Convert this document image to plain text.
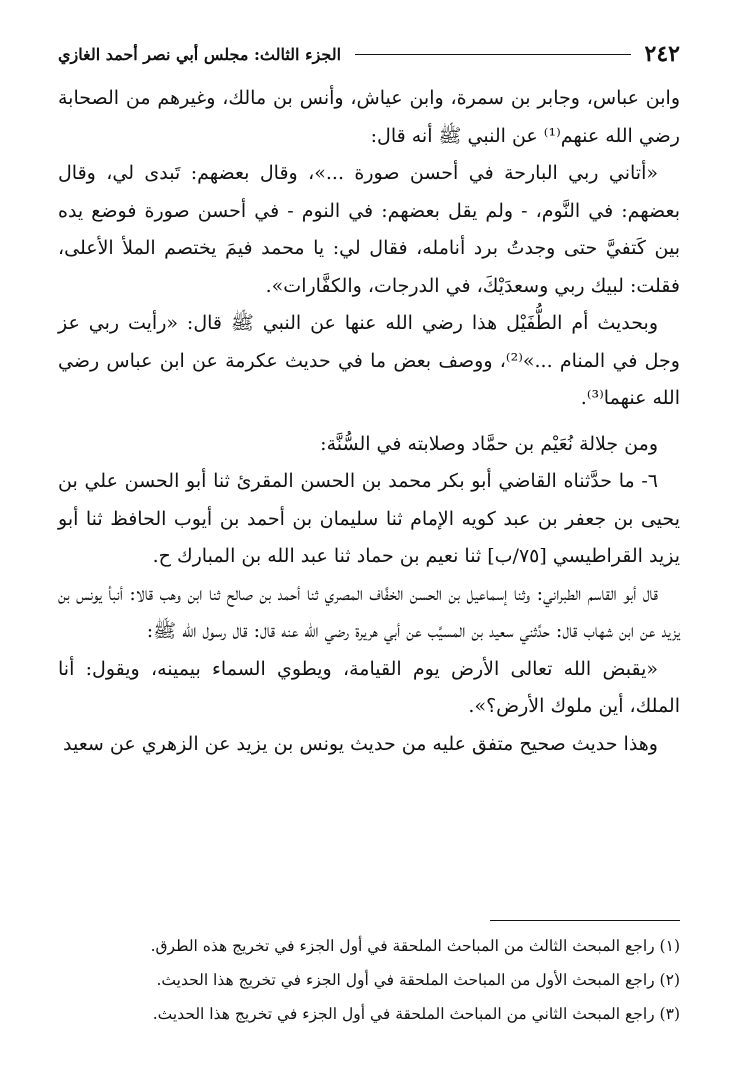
٢٤٢
الجزء الثالث: مجلس أبي نصر أحمد الغازي

وابن عباس، وجابر بن سمرة، وابن عياش، وأنس بن مالك، وغيرهم من الصحابة رضي الله عنهم⁽¹⁾ عن النبي ﷺ أنه قال:

«أتاني ربي البارحة في أحسن صورة ...»، وقال بعضهم: تَبدى لي، وقال بعضهم: في النَّوم، - ولم يقل بعضهم: في النوم - في أحسن صورة فوضع يده بين كَتفيَّ حتى وجدتُ برد أنامله، فقال لي: يا محمد فيمَ يختصم الملأ الأعلى، فقلت: لبيك ربي وسعدَيْكَ، في الدرجات، والكفَّارات».

وبحديث أم الطُّفَيْل هذا رضي الله عنها عن النبي ﷺ قال: «رأيت ربي عز وجل في المنام ...»⁽²⁾، ووصف بعض ما في حديث عكرمة عن ابن عباس رضي الله عنهما⁽³⁾.

ومن جلالة نُعَيْم بن حمَّاد وصلابته في السُّنَّة:

٦- ما حدَّثناه القاضي أبو بكر محمد بن الحسن المقرئ ثنا أبو الحسن علي بن يحيى بن جعفر بن عبد كويه الإمام ثنا سليمان بن أحمد بن أيوب الحافظ ثنا أبو يزيد القراطيسي [٧٥/ب] ثنا نعيم بن حماد ثنا عبد الله بن المبارك ح.

قال أبو القاسم الطبراني: وثنا إسماعيل بن الحسن الخفَّاف المصري ثنا أحمد بن صالح ثنا ابن وهب قالا: أنبأ يونس بن يزيد عن ابن شهاب قال: حدَّثني سعيد بن المسيَّب عن أبي هريرة رضي الله عنه قال: قال رسول الله ﷺ:

«يقبض الله تعالى الأرض يوم القيامة، ويطوي السماء بيمينه، ويقول: أنا الملك، أين ملوك الأرض؟».

وهذا حديث صحيح متفق عليه من حديث يونس بن يزيد عن الزهري عن سعيد

(١) راجع المبحث الثالث من المباحث الملحقة في أول الجزء في تخريج هذه الطرق.

(٢) راجع المبحث الأول من المباحث الملحقة في أول الجزء في تخريج هذا الحديث.

(٣) راجع المبحث الثاني من المباحث الملحقة في أول الجزء في تخريج هذا الحديث.
